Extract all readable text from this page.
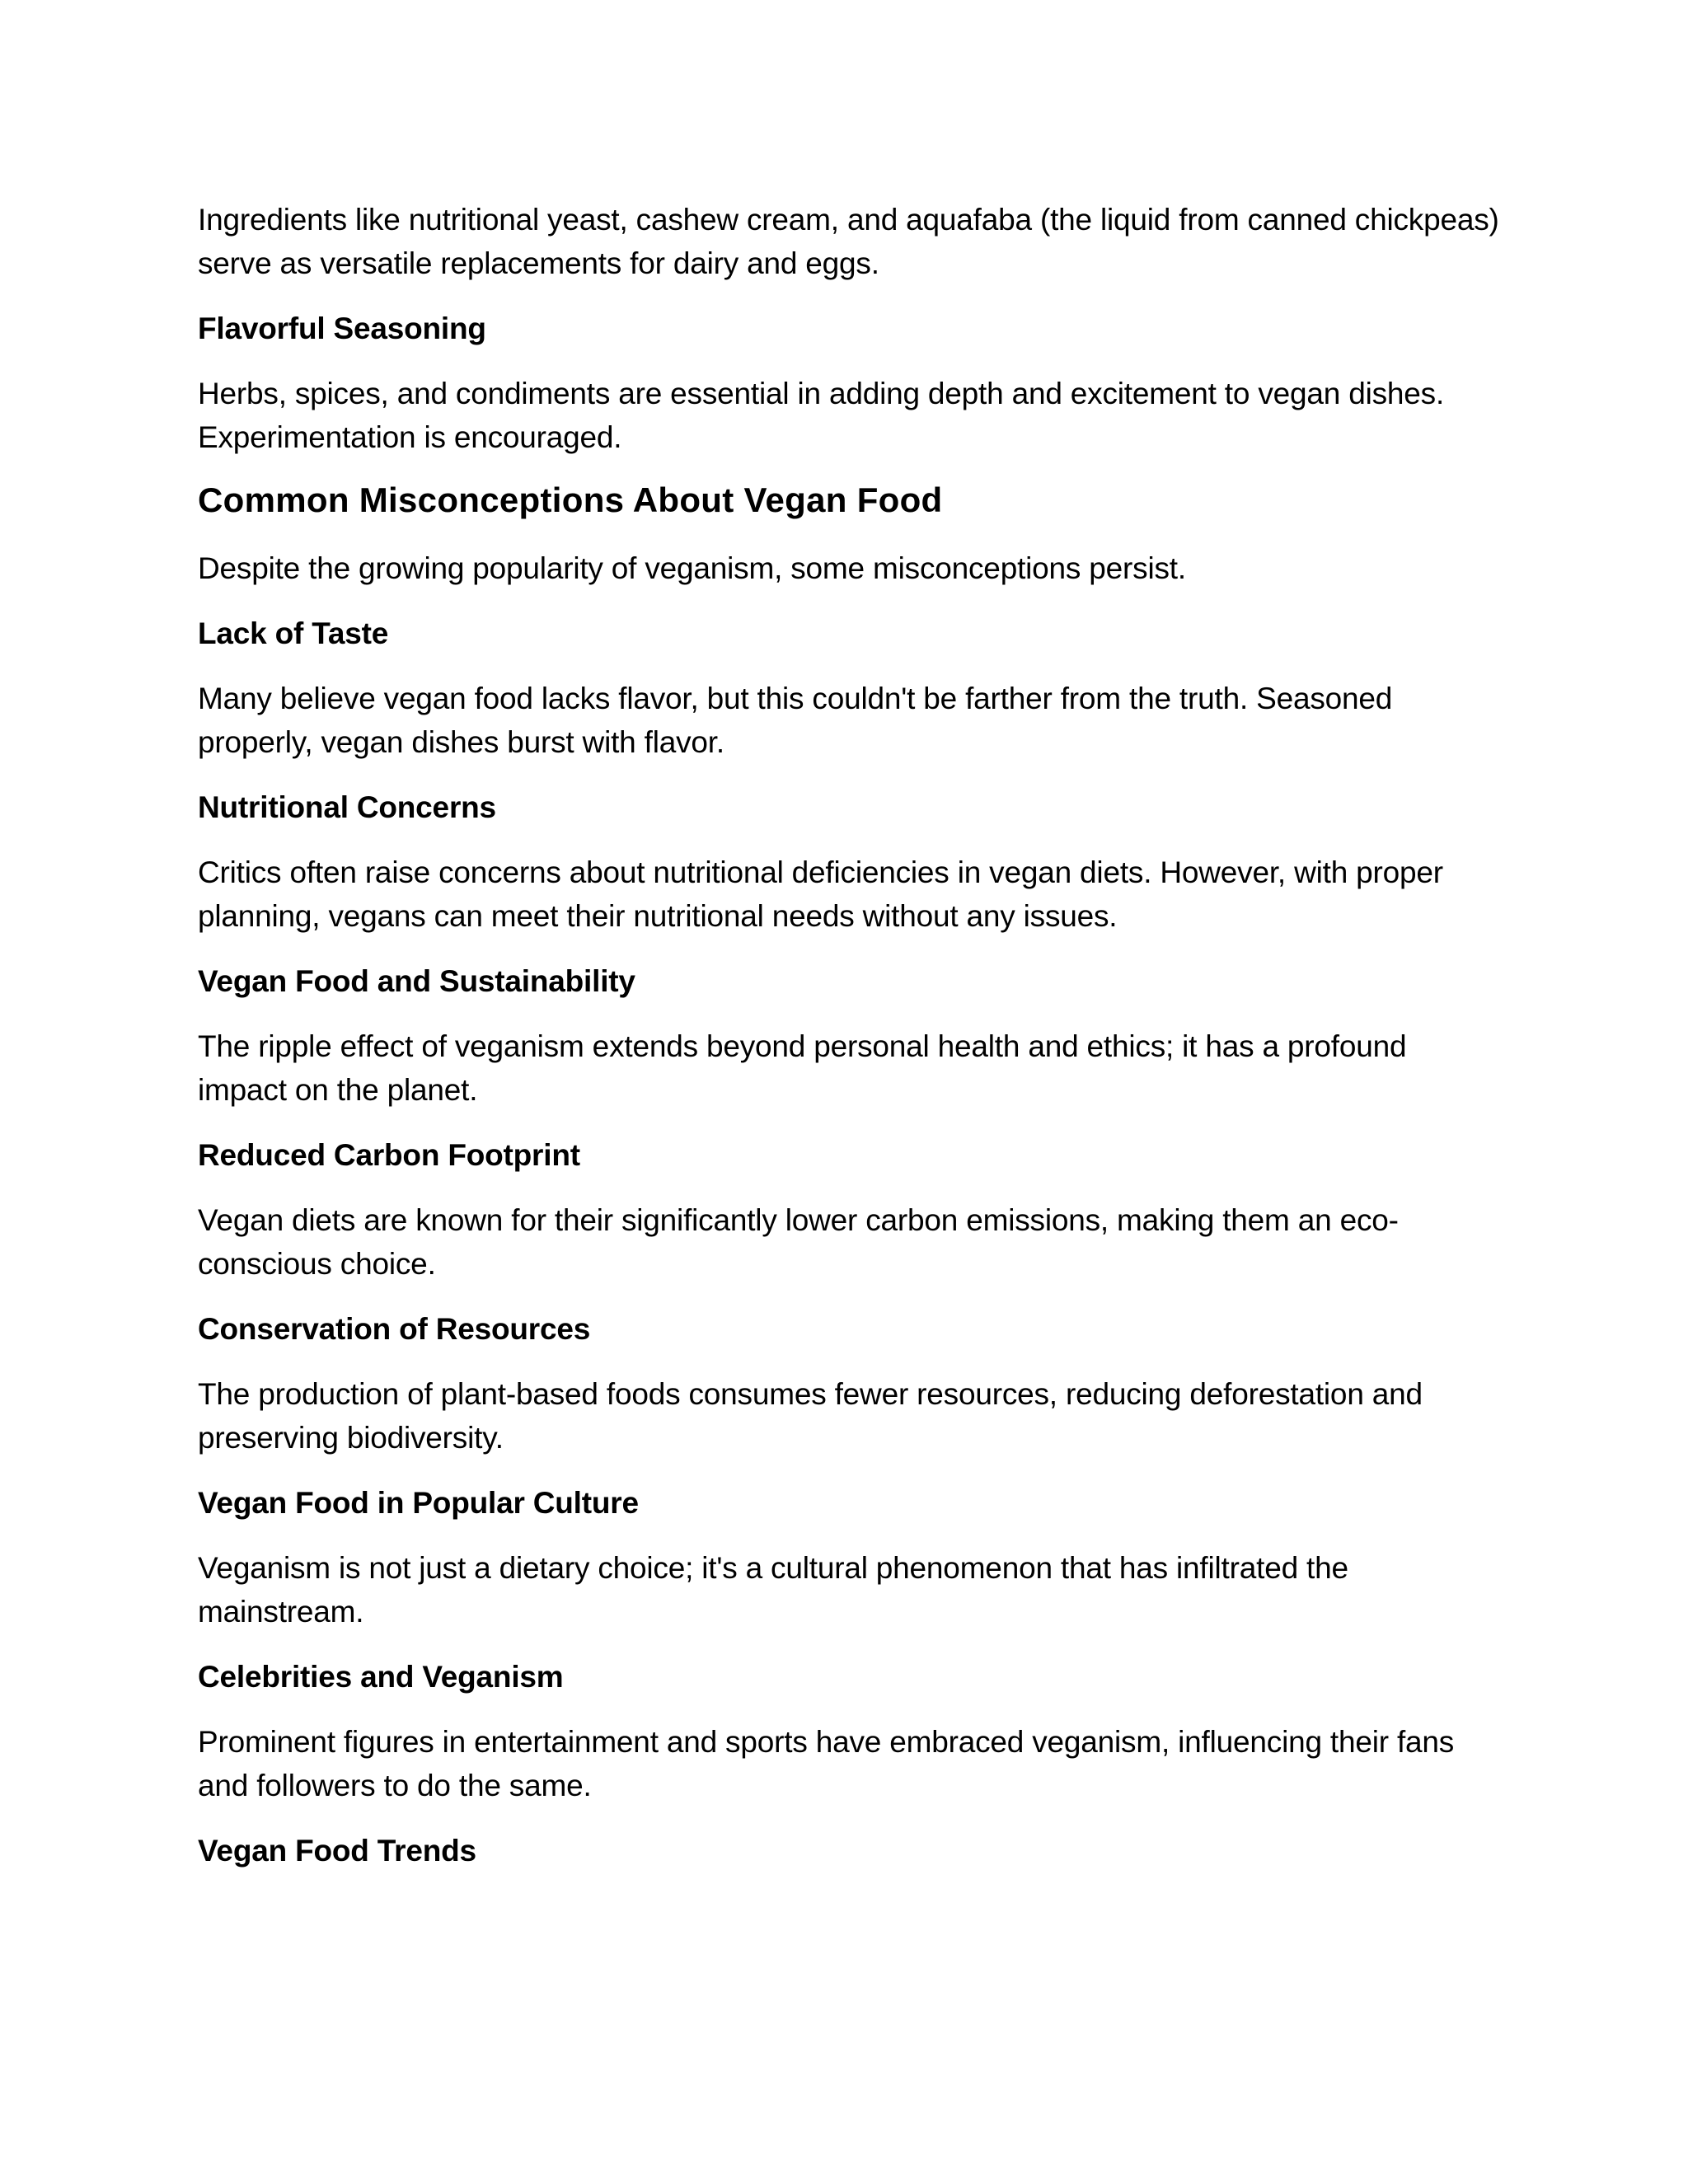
Ingredients like nutritional yeast, cashew cream, and aquafaba (the liquid from canned chickpeas) serve as versatile replacements for dairy and eggs.

Flavorful Seasoning

Herbs, spices, and condiments are essential in adding depth and excitement to vegan dishes. Experimentation is encouraged.

Common Misconceptions About Vegan Food

Despite the growing popularity of veganism, some misconceptions persist.

Lack of Taste

Many believe vegan food lacks flavor, but this couldn't be farther from the truth. Seasoned properly, vegan dishes burst with flavor.

Nutritional Concerns

Critics often raise concerns about nutritional deficiencies in vegan diets. However, with proper planning, vegans can meet their nutritional needs without any issues.

Vegan Food and Sustainability

The ripple effect of veganism extends beyond personal health and ethics; it has a profound impact on the planet.

Reduced Carbon Footprint

Vegan diets are known for their significantly lower carbon emissions, making them an eco-conscious choice.

Conservation of Resources

The production of plant-based foods consumes fewer resources, reducing deforestation and preserving biodiversity.

Vegan Food in Popular Culture

Veganism is not just a dietary choice; it's a cultural phenomenon that has infiltrated the mainstream.

Celebrities and Veganism

Prominent figures in entertainment and sports have embraced veganism, influencing their fans and followers to do the same.

Vegan Food Trends
